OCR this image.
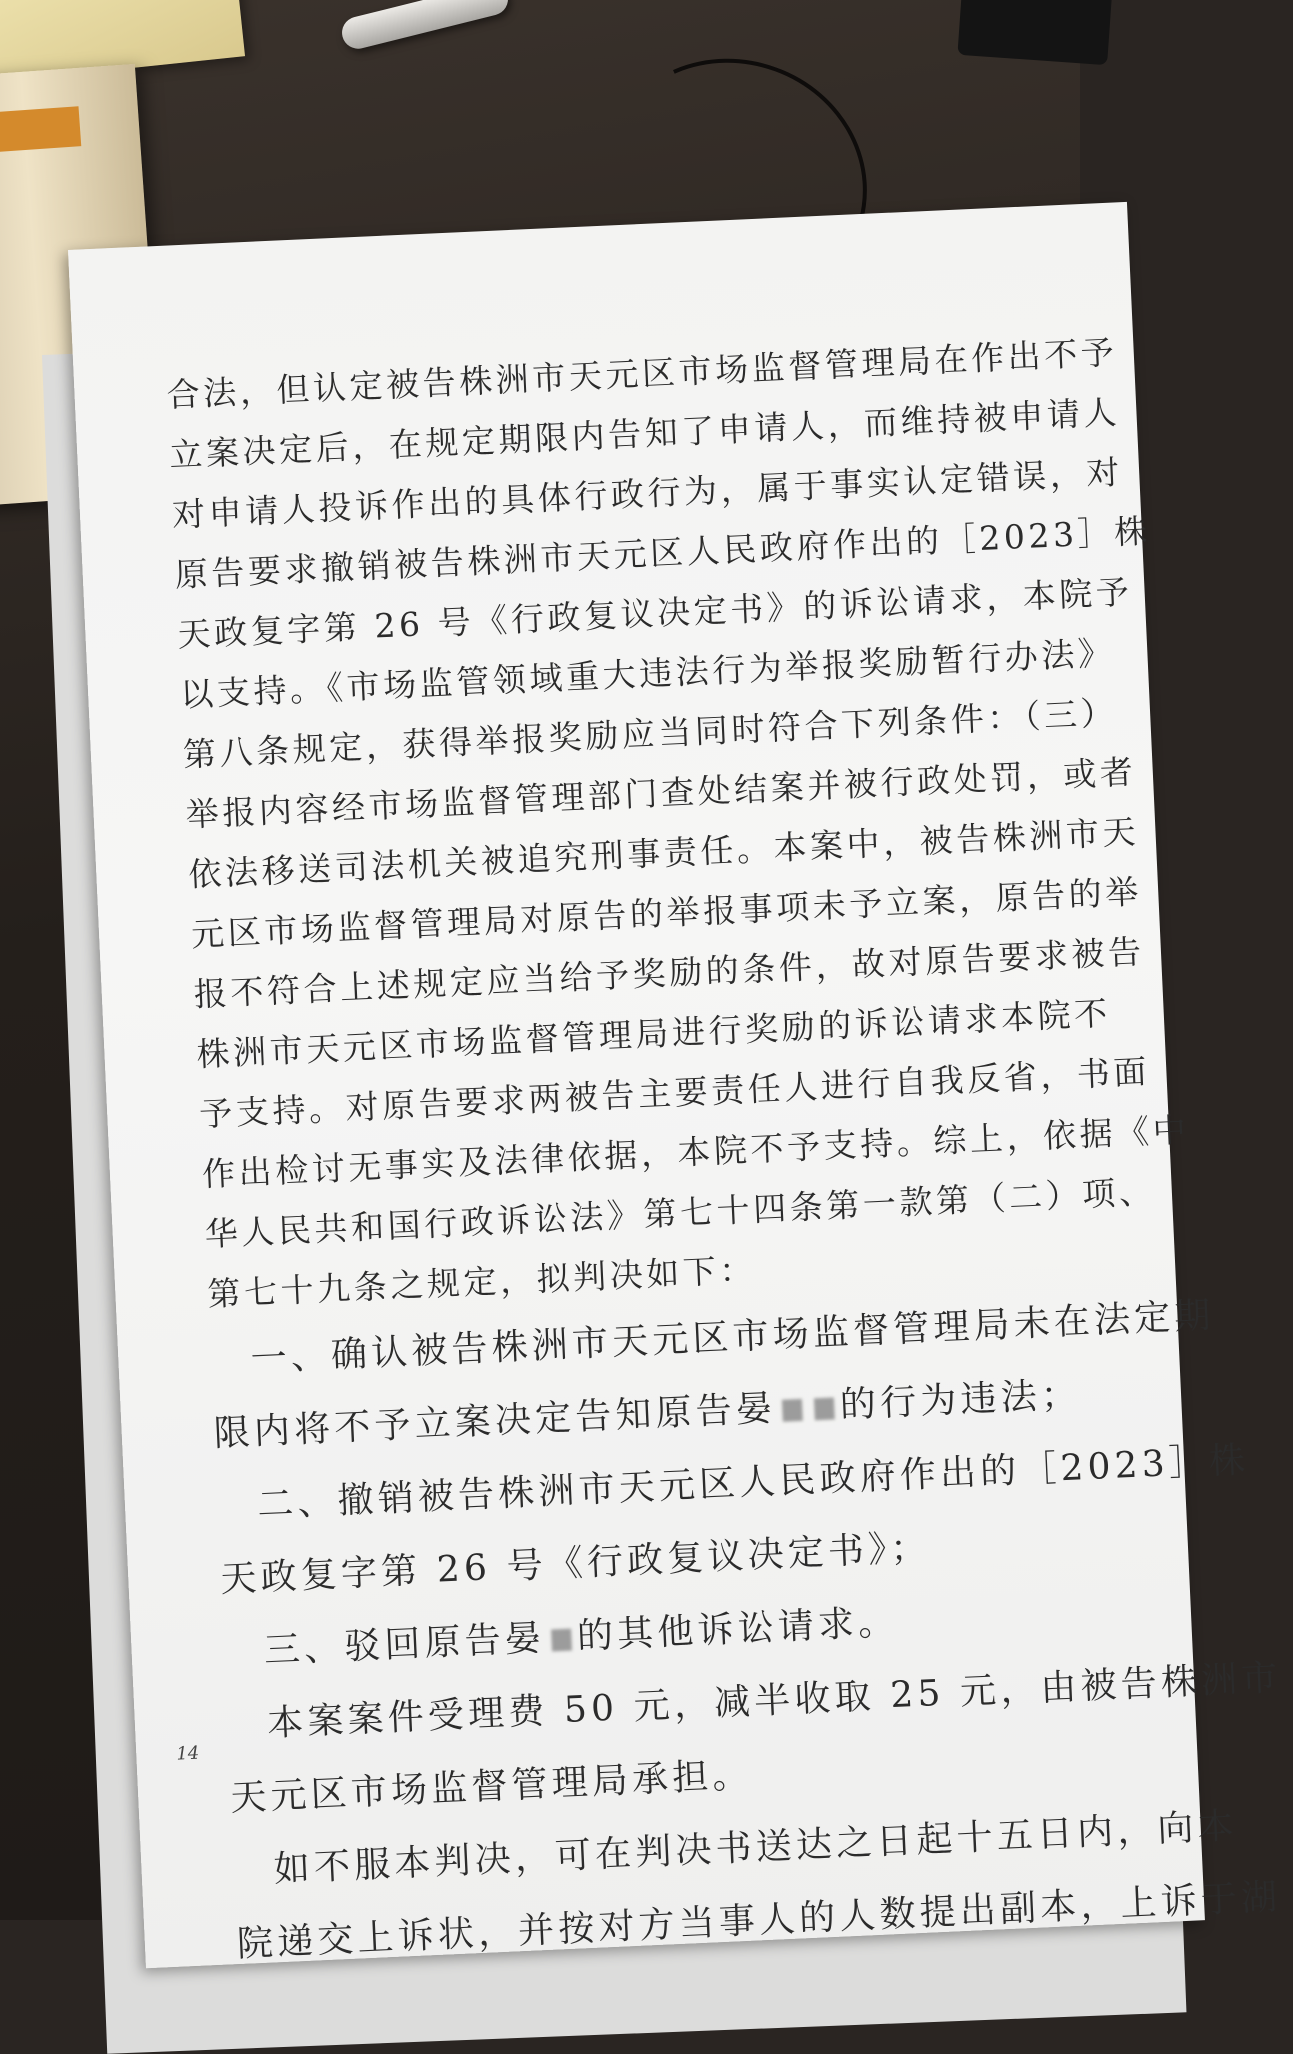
合法，但认定被告株洲市天元区市场监督管理局在作出不予
立案决定后，在规定期限内告知了申请人，而维持被申请人
对申请人投诉作出的具体行政行为，属于事实认定错误，对
原告要求撤销被告株洲市天元区人民政府作出的［2023］株
天政复字第 26 号《行政复议决定书》的诉讼请求，本院予
以支持。《市场监管领域重大违法行为举报奖励暂行办法》
第八条规定，获得举报奖励应当同时符合下列条件：（三）
举报内容经市场监督管理部门查处结案并被行政处罚，或者
依法移送司法机关被追究刑事责任。本案中，被告株洲市天
元区市场监督管理局对原告的举报事项未予立案，原告的举
报不符合上述规定应当给予奖励的条件，故对原告要求被告
株洲市天元区市场监督管理局进行奖励的诉讼请求本院不
予支持。对原告要求两被告主要责任人进行自我反省，书面
作出检讨无事实及法律依据，本院不予支持。综上，依据《中
华人民共和国行政诉讼法》第七十四条第一款第（二）项、
第七十九条之规定，拟判决如下：
　一、确认被告株洲市天元区市场监督管理局未在法定期
限内将不予立案决定告知原告晏 的行为违法；
　二、撤销被告株洲市天元区人民政府作出的［2023］株
天政复字第 26 号《行政复议决定书》；
　三、驳回原告晏 的其他诉讼请求。
　本案案件受理费 50 元，减半收取 25 元，由被告株洲市
天元区市场监督管理局承担。
　如不服本判决，可在判决书送达之日起十五日内，向本
院递交上诉状，并按对方当事人的人数提出副本，上诉于湖
14
